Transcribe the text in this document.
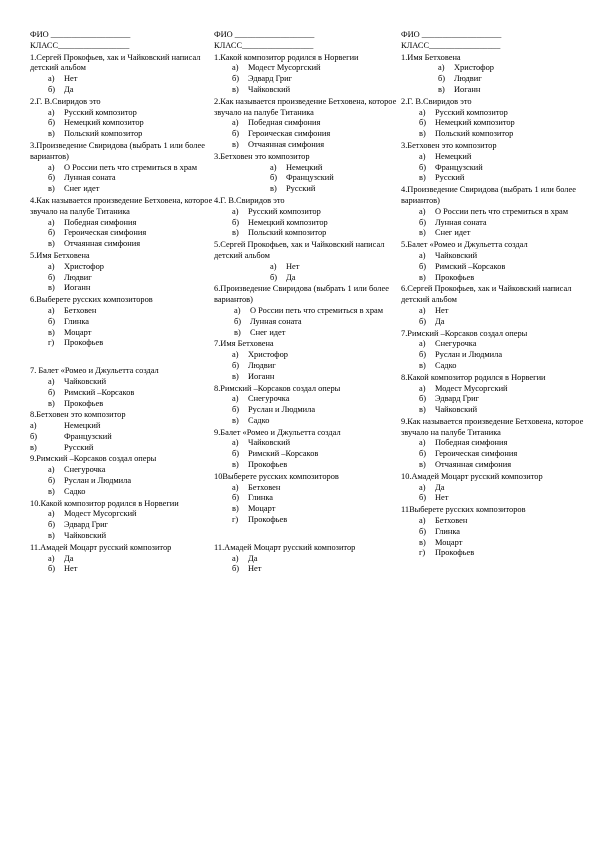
ФИО ___________________
КЛАСС_________________
1.Сергей Прокофьев, хак и Чайковский написал детский альбом
а) Нет
б) Да
2.Г. В.Свиридов это
а) Русский композитор
б) Немецкий композитор
в) Польский композитор
3.Произведение Свиридова (выбрать 1 или более вариантов)
а) О России петь что стремиться в храм
б) Лунная соната
в) Снег идет
4.Как называется произведение Бетховена, которое звучало на палубе Титаника
а) Победная симфония
б) Героическая симфония
в) Отчаянная симфония
5.Имя Бетховена
а) Христофор
б) Людвиг
в) Иоганн
6.Выберете русских композиторов
а) Бетховен
б) Глинка
в) Моцарт
г) Прокофьев
7. Балет «Ромео и Джульетта создал
а) Чайковский
б) Римский –Корсаков
в) Прокофьев
8.Бетховен это композитор
а)	Немецкий
б)	Французский
в)	Русский
9.Римский –Корсаков создал оперы
а) Снегурочка
б) Руслан и Людмила
в) Садко
10.Какой композитор родился в Норвегии
а) Модест Мусоргский
б) Эдвард Григ
в) Чайковский
11.Амадей Моцарт русский композитор
а) Да
б) Нет
ФИО ___________________
КЛАСС_________________
1.Какой композитор родился в Норвегии
а) Модест Мусоргский
б) Эдвард Григ
в) Чайковский
2.Как называется произведение Бетховена, которое звучало на палубе Титаника
а) Победная симфония
б) Героическая симфония
в) Отчаянная симфония
3.Бетховен это композитор
а) Немецкий
б) Французский
в) Русский
4.Г. В.Свиридов это
а) Русский композитор
б) Немецкий композитор
в) Польский композитор
5.Сергей Прокофьев, хак и Чайковский написал детский альбом
а) Нет
б) Да
6.Произведение Свиридова (выбрать 1 или более вариантов)
а) О России петь что стремиться в храм
б) Лунная соната
в) Снег идет
7.Имя Бетховена
а) Христофор
б) Людвиг
в) Иоганн
8.Римский –Корсаков создал оперы
а) Снегурочка
б) Руслан и Людмила
в) Садко
9.Балет «Ромео и Джульетта создал
а) Чайковский
б) Римский –Корсаков
в) Прокофьев
10Выберете русских композиторов
а) Бетховен
б) Глинка
в) Моцарт
г) Прокофьев
11.Амадей Моцарт русский композитор
а) Да
б) Нет
ФИО ___________________
КЛАСС_________________
1.Имя Бетховена
а) Христофор
б) Людвиг
в) Иоганн
2.Г. В.Свиридов это
а) Русский композитор
б) Немецкий композитор
в) Польский композитор
3.Бетховен это композитор
а) Немецкий
б) Французский
в) Русский
4.Произведение Свиридова (выбрать 1 или более вариантов)
а) О России петь что стремиться в храм
б) Лунная соната
в) Снег идет
5.Балет «Ромео и Джульетта создал
а) Чайковский
б) Римский –Корсаков
в) Прокофьев
6.Сергей Прокофьев, хак и Чайковский написал детский альбом
а) Нет
б) Да
7.Римский –Корсаков создал оперы
а) Снегурочка
б) Руслан и Людмила
в) Садко
8.Какой композитор родился в Норвегии
а) Модест Мусоргский
б) Эдвард Григ
в) Чайковский
9.Как называется произведение Бетховена, которое звучало на палубе Титаника
а) Победная симфония
б) Героическая симфония
в) Отчаянная симфония
10.Амадей Моцарт русский композитор
а) Да
б) Нет
11Выберете русских композиторов
а) Бетховен
б) Глинка
в) Моцарт
г) Прокофьев
